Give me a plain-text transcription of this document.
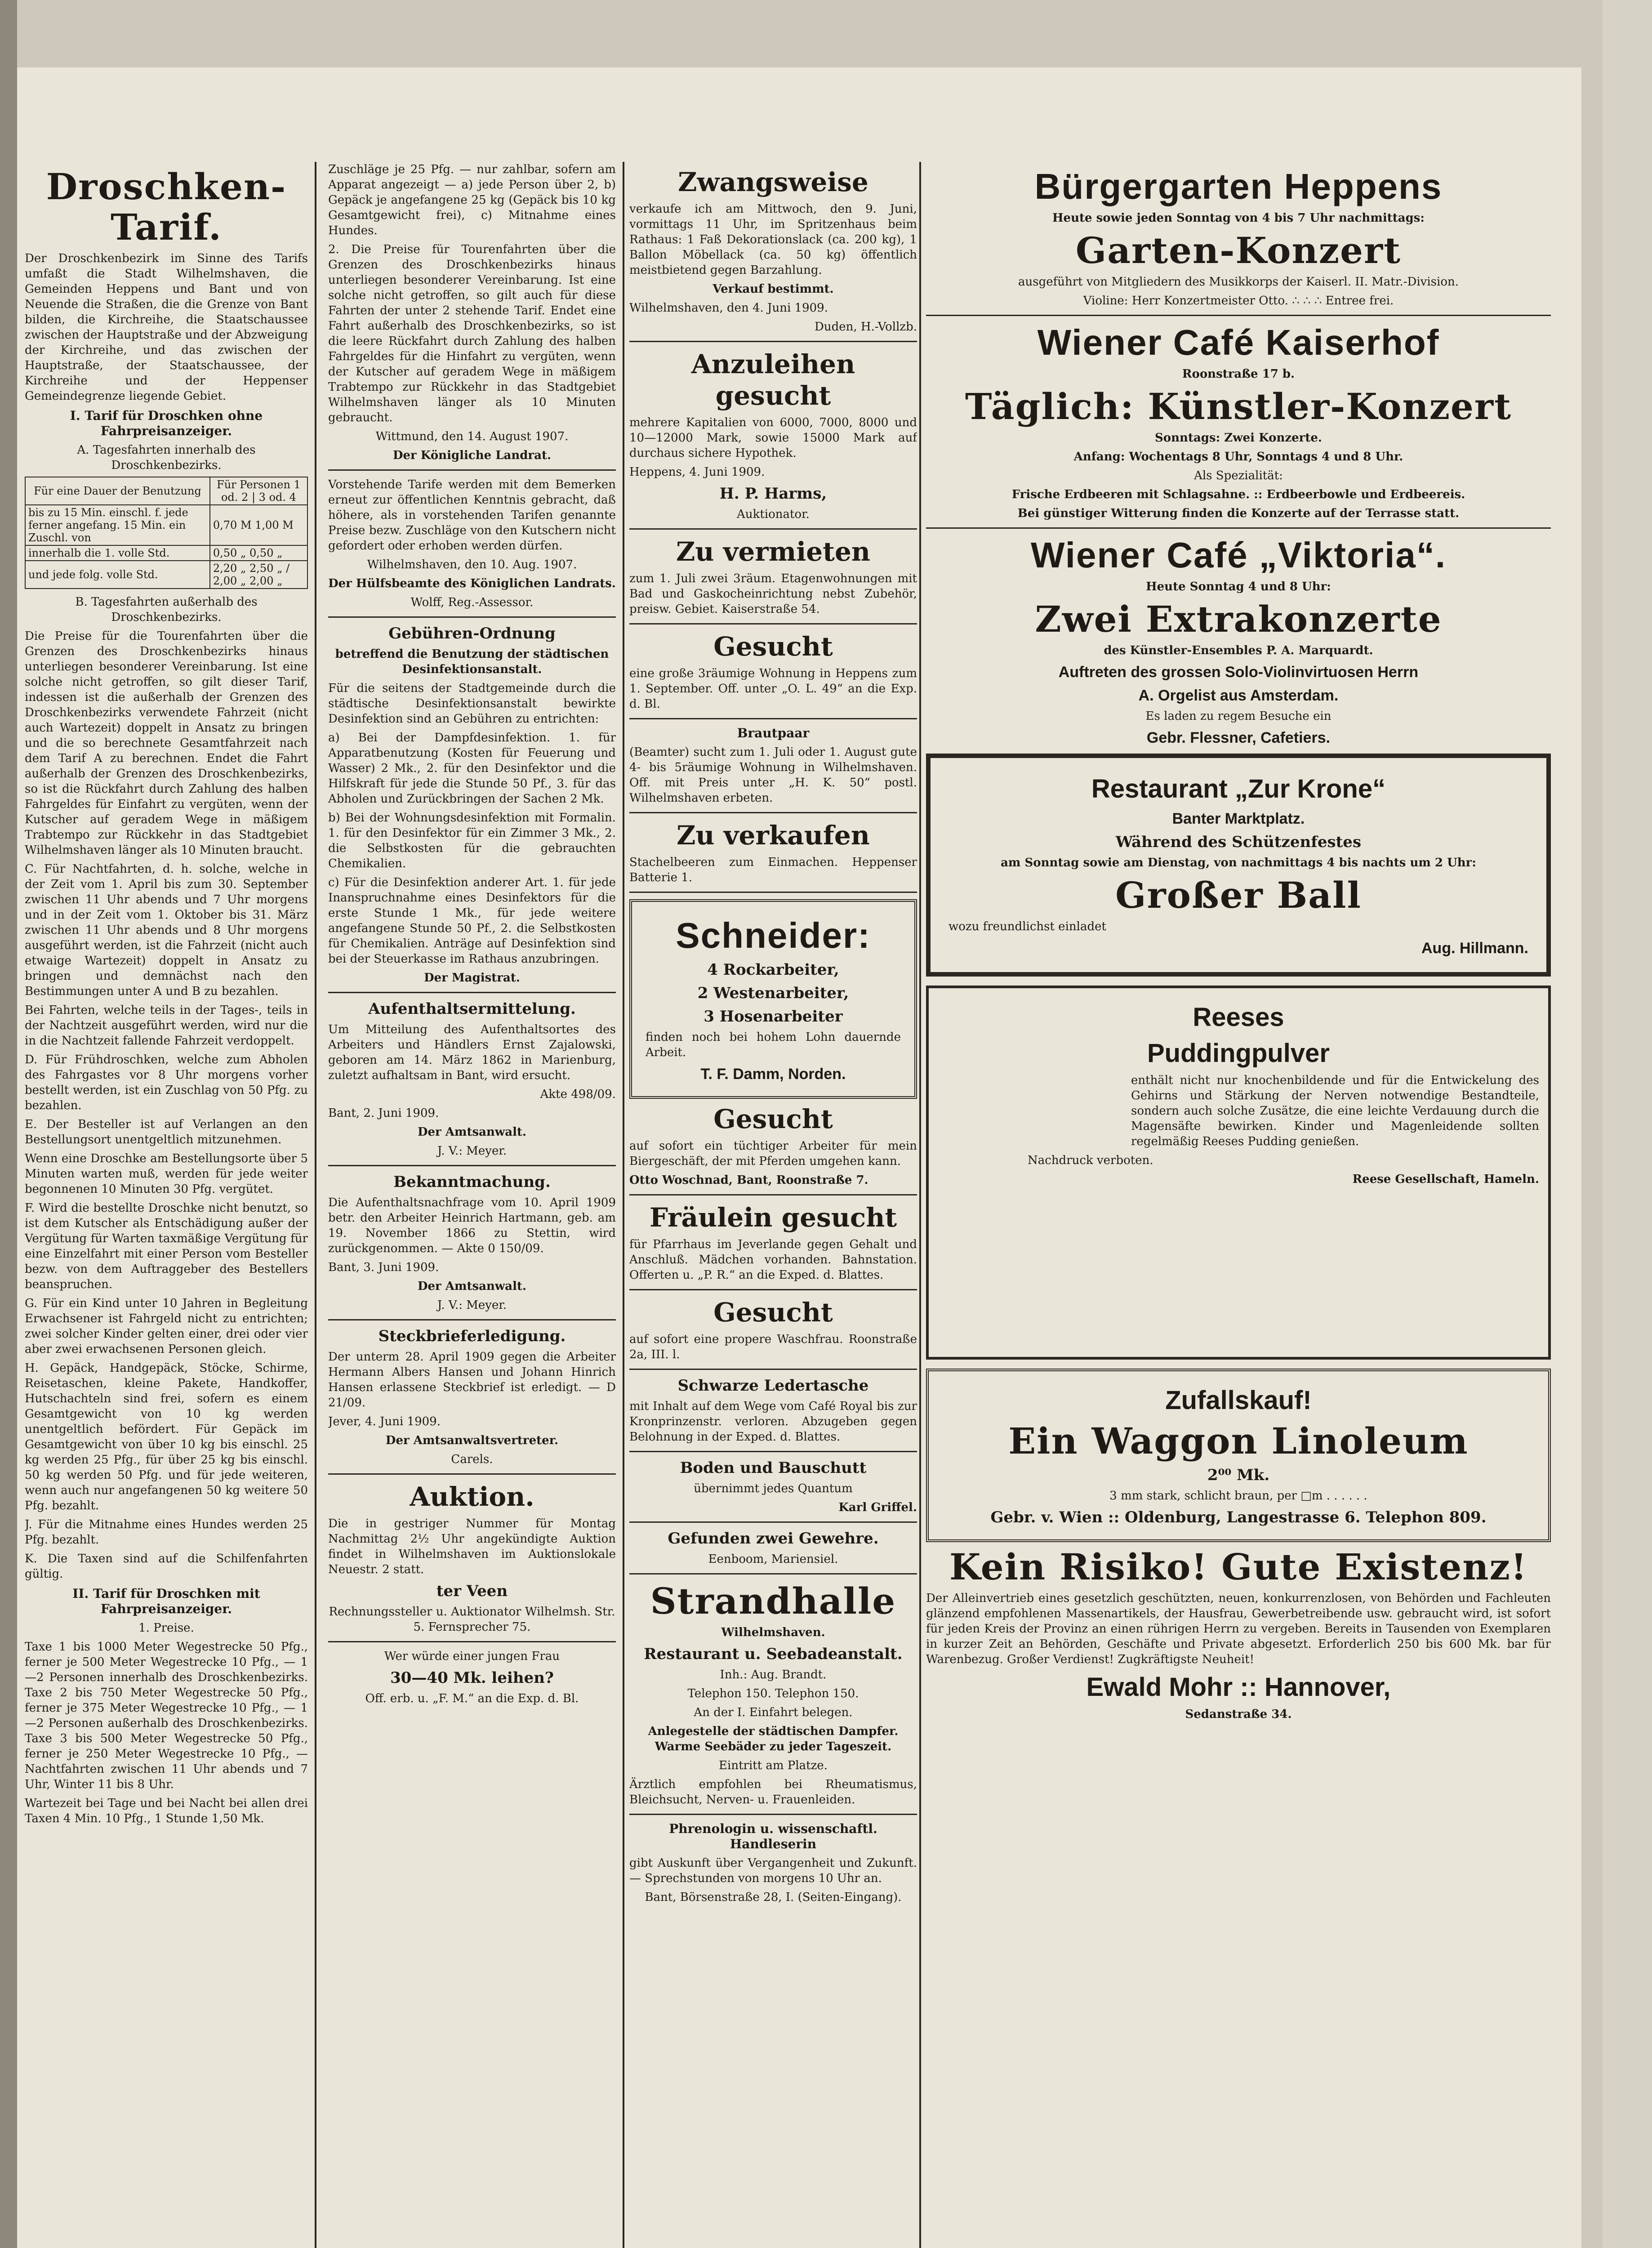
Droschken-Tarif.

Der Droschkenbezirk im Sinne des Tarifs umfaßt die Stadt Wilhelmshaven, die Gemeinden Heppens und Bant und von Neuende die Straßen, die die Grenze von Bant bilden, die Kirchreihe, die Staatschaussee zwischen der Hauptstraße und der Abzweigung der Kirchreihe, und das zwischen der Hauptstraße, der Staatschaussee, der Kirchreihe und der Heppenser Gemeindegrenze liegende Gebiet.

I. Tarif für Droschken ohne Fahrpreisanzeiger.

A. Tagesfahrten innerhalb des Droschkenbezirks.

Für eine Dauer der Benutzung	Für Personen 1 od. 2 | 3 od. 4
bis zu 15 Min. einschl. f. jede ferner angefang. 15 Min. ein Zuschl. von	0,70 M 1,00 M
innerhalb die 1. volle Std.	0,50 „ 0,50 „
und jede folg. volle Std.	2,20 „ 2,50 „ / 2,00 „ 2,00 „

B. Tagesfahrten außerhalb des Droschkenbezirks.

Die Preise für die Tourenfahrten über die Grenzen des Droschkenbezirks hinaus unterliegen besonderer Vereinbarung. Ist eine solche nicht getroffen, so gilt dieser Tarif, indessen ist die außerhalb der Grenzen des Droschkenbezirks verwendete Fahrzeit (nicht auch Wartezeit) doppelt in Ansatz zu bringen und die so berechnete Gesamtfahrzeit nach dem Tarif A zu berechnen. Endet die Fahrt außerhalb der Grenzen des Droschkenbezirks, so ist die Rückfahrt durch Zahlung des halben Fahrgeldes für Einfahrt zu vergüten, wenn der Kutscher auf geradem Wege in mäßigem Trabtempo zur Rückkehr in das Stadtgebiet Wilhelmshaven länger als 10 Minuten braucht.

C. Für Nachtfahrten, d. h. solche, welche in der Zeit vom 1. April bis zum 30. September zwischen 11 Uhr abends und 7 Uhr morgens und in der Zeit vom 1. Oktober bis 31. März zwischen 11 Uhr abends und 8 Uhr morgens ausgeführt werden, ist die Fahrzeit (nicht auch etwaige Wartezeit) doppelt in Ansatz zu bringen und demnächst nach den Bestimmungen unter A und B zu bezahlen.

Bei Fahrten, welche teils in der Tages-, teils in der Nachtzeit ausgeführt werden, wird nur die in die Nachtzeit fallende Fahrzeit verdoppelt.

D. Für Frühdroschken, welche zum Abholen des Fahrgastes vor 8 Uhr morgens vorher bestellt werden, ist ein Zuschlag von 50 Pfg. zu bezahlen.

E. Der Besteller ist auf Verlangen an den Bestellungsort unentgeltlich mitzunehmen.

Wenn eine Droschke am Bestellungsorte über 5 Minuten warten muß, werden für jede weiter begonnenen 10 Minuten 30 Pfg. vergütet.

F. Wird die bestellte Droschke nicht benutzt, so ist dem Kutscher als Entschädigung außer der Vergütung für Warten taxmäßige Vergütung für eine Einzelfahrt mit einer Person vom Besteller bezw. von dem Auftraggeber des Bestellers beanspruchen.

G. Für ein Kind unter 10 Jahren in Begleitung Erwachsener ist Fahrgeld nicht zu entrichten; zwei solcher Kinder gelten einer, drei oder vier aber zwei erwachsenen Personen gleich.

H. Gepäck, Handgepäck, Stöcke, Schirme, Reisetaschen, kleine Pakete, Handkoffer, Hutschachteln sind frei, sofern es einem Gesamtgewicht von 10 kg werden unentgeltlich befördert. Für Gepäck im Gesamtgewicht von über 10 kg bis einschl. 25 kg werden 25 Pfg., für über 25 kg bis einschl. 50 kg werden 50 Pfg. und für jede weiteren, wenn auch nur angefangenen 50 kg weitere 50 Pfg. bezahlt.

J. Für die Mitnahme eines Hundes werden 25 Pfg. bezahlt.

K. Die Taxen sind auf die Schilfenfahrten gültig.

II. Tarif für Droschken mit Fahrpreisanzeiger.

1. Preise.

Taxe 1 bis 1000 Meter Wegestrecke 50 Pfg., ferner je 500 Meter Wegestrecke 10 Pfg., — 1—2 Personen innerhalb des Droschkenbezirks. Taxe 2 bis 750 Meter Wegestrecke 50 Pfg., ferner je 375 Meter Wegestrecke 10 Pfg., — 1—2 Personen außerhalb des Droschkenbezirks. Taxe 3 bis 500 Meter Wegestrecke 50 Pfg., ferner je 250 Meter Wegestrecke 10 Pfg., — Nachtfahrten zwischen 11 Uhr abends und 7 Uhr, Winter 11 bis 8 Uhr.

Wartezeit bei Tage und bei Nacht bei allen drei Taxen 4 Min. 10 Pfg., 1 Stunde 1,50 Mk.

Zuschläge je 25 Pfg. — nur zahlbar, sofern am Apparat angezeigt — a) jede Person über 2, b) Gepäck je angefangene 25 kg (Gepäck bis 10 kg Gesamtgewicht frei), c) Mitnahme eines Hundes.

2. Die Preise für Tourenfahrten über die Grenzen des Droschkenbezirks hinaus unterliegen besonderer Vereinbarung. Ist eine solche nicht getroffen, so gilt auch für diese Fahrten der unter 2 stehende Tarif. Endet eine Fahrt außerhalb des Droschkenbezirks, so ist die leere Rückfahrt durch Zahlung des halben Fahrgeldes für die Hinfahrt zu vergüten, wenn der Kutscher auf geradem Wege in mäßigem Trabtempo zur Rückkehr in das Stadtgebiet Wilhelmshaven länger als 10 Minuten gebraucht.

Wittmund, den 14. August 1907.

Der Königliche Landrat.

Vorstehende Tarife werden mit dem Bemerken erneut zur öffentlichen Kenntnis gebracht, daß höhere, als in vorstehenden Tarifen genannte Preise bezw. Zuschläge von den Kutschern nicht gefordert oder erhoben werden dürfen.

Wilhelmshaven, den 10. Aug. 1907.

Der Hülfsbeamte des Königlichen Landrats.

Wolff, Reg.-Assessor.

Gebühren-Ordnung

betreffend die Benutzung der städtischen Desinfektionsanstalt.

Für die seitens der Stadtgemeinde durch die städtische Desinfektionsanstalt bewirkte Desinfektion sind an Gebühren zu entrichten:

a) Bei der Dampfdesinfektion. 1. für Apparatbenutzung (Kosten für Feuerung und Wasser) 2 Mk., 2. für den Desinfektor und die Hilfskraft für jede die Stunde 50 Pf., 3. für das Abholen und Zurückbringen der Sachen 2 Mk.

b) Bei der Wohnungsdesinfektion mit Formalin. 1. für den Desinfektor für ein Zimmer 3 Mk., 2. die Selbstkosten für die gebrauchten Chemikalien.

c) Für die Desinfektion anderer Art. 1. für jede Inanspruchnahme eines Desinfektors für die erste Stunde 1 Mk., für jede weitere angefangene Stunde 50 Pf., 2. die Selbstkosten für Chemikalien. Anträge auf Desinfektion sind bei der Steuerkasse im Rathaus anzubringen.

Der Magistrat.

Aufenthaltsermittelung.

Um Mitteilung des Aufenthaltsortes des Arbeiters und Händlers Ernst Zajalowski, geboren am 14. März 1862 in Marienburg, zuletzt aufhaltsam in Bant, wird ersucht.

Akte 498/09.

Bant, 2. Juni 1909.

Der Amtsanwalt.

J. V.: Meyer.

Bekanntmachung.

Die Aufenthaltsnachfrage vom 10. April 1909 betr. den Arbeiter Heinrich Hartmann, geb. am 19. November 1866 zu Stettin, wird zurückgenommen. — Akte 0 150/09.

Bant, 3. Juni 1909.

Der Amtsanwalt.

J. V.: Meyer.

Steckbrieferledigung.

Der unterm 28. April 1909 gegen die Arbeiter Hermann Albers Hansen und Johann Hinrich Hansen erlassene Steckbrief ist erledigt. — D 21/09.

Jever, 4. Juni 1909.

Der Amtsanwaltsvertreter.

Carels.

Auktion.

Die in gestriger Nummer für Montag Nachmittag 2½ Uhr angekündigte Auktion findet in Wilhelmshaven im Auktionslokale Neuestr. 2 statt.

ter Veen

Rechnungssteller u. Auktionator Wilhelmsh. Str. 5. Fernsprecher 75.

Wer würde einer jungen Frau

30—40 Mk. leihen?

Off. erb. u. „F. M.“ an die Exp. d. Bl.

Zwangsweise

verkaufe ich am Mittwoch, den 9. Juni, vormittags 11 Uhr, im Spritzenhaus beim Rathaus: 1 Faß Dekorationslack (ca. 200 kg), 1 Ballon Möbellack (ca. 50 kg) öffentlich meistbietend gegen Barzahlung.

Verkauf bestimmt.

Wilhelmshaven, den 4. Juni 1909.

Duden, H.-Vollzb.

Anzuleihen gesucht

mehrere Kapitalien von 6000, 7000, 8000 und 10—12000 Mark, sowie 15000 Mark auf durchaus sichere Hypothek.

Heppens, 4. Juni 1909.

H. P. Harms,

Auktionator.

Zu vermieten

zum 1. Juli zwei 3räum. Etagenwohnungen mit Bad und Gaskocheinrichtung nebst Zubehör, preisw. Gebiet. Kaiserstraße 54.

Gesucht

eine große 3räumige Wohnung in Heppens zum 1. September. Off. unter „O. L. 49“ an die Exp. d. Bl.

Brautpaar

(Beamter) sucht zum 1. Juli oder 1. August gute 4- bis 5räumige Wohnung in Wilhelmshaven. Off. mit Preis unter „H. K. 50“ postl. Wilhelmshaven erbeten.

Zu verkaufen

Stachelbeeren zum Einmachen. Heppenser Batterie 1.

Schneider:
4 Rockarbeiter,
2 Westenarbeiter,
3 Hosenarbeiter

finden noch bei hohem Lohn dauernde Arbeit.

T. F. Damm, Norden.
Gesucht

auf sofort ein tüchtiger Arbeiter für mein Biergeschäft, der mit Pferden umgehen kann.

Otto Woschnad, Bant, Roonstraße 7.

Fräulein gesucht

für Pfarrhaus im Jeverlande gegen Gehalt und Anschluß. Mädchen vorhanden. Bahnstation. Offerten u. „P. R.“ an die Exped. d. Blattes.

Gesucht

auf sofort eine propere Waschfrau. Roonstraße 2a, III. l.

Schwarze Ledertasche

mit Inhalt auf dem Wege vom Café Royal bis zur Kronprinzenstr. verloren. Abzugeben gegen Belohnung in der Exped. d. Blattes.

Boden und Bauschutt

übernimmt jedes Quantum

Karl Griffel.

Gefunden zwei Gewehre.

Eenboom, Mariensiel.

Strandhalle

Wilhelmshaven.

Restaurant u. Seebadeanstalt.

Inh.: Aug. Brandt.

Telephon 150. Telephon 150.

An der I. Einfahrt belegen.

Anlegestelle der städtischen Dampfer. Warme Seebäder zu jeder Tageszeit.

Eintritt am Platze.

Ärztlich empfohlen bei Rheumatismus, Bleichsucht, Nerven- u. Frauenleiden.

Phrenologin u. wissenschaftl. Handleserin

gibt Auskunft über Vergangenheit und Zukunft. — Sprechstunden von morgens 10 Uhr an.

Bant, Börsenstraße 28, I. (Seiten-Eingang).

Bürgergarten Heppens

Heute sowie jeden Sonntag von 4 bis 7 Uhr nachmittags:

Garten-Konzert

ausgeführt von Mitgliedern des Musikkorps der Kaiserl. II. Matr.-Division.

Violine: Herr Konzertmeister Otto. ∴ ∴ ∴ Entree frei.

Wiener Café Kaiserhof

Roonstraße 17 b.

Täglich: Künstler-Konzert

Sonntags: Zwei Konzerte.

Anfang: Wochentags 8 Uhr, Sonntags 4 und 8 Uhr.

Als Spezialität:

Frische Erdbeeren mit Schlagsahne. :: Erdbeerbowle und Erdbeereis.

Bei günstiger Witterung finden die Konzerte auf der Terrasse statt.

Wiener Café „Viktoria“.

Heute Sonntag 4 und 8 Uhr:

Zwei Extrakonzerte

des Künstler-Ensembles P. A. Marquardt.

Auftreten des grossen Solo-Violinvirtuosen Herrn
A. Orgelist aus Amsterdam.

Es laden zu regem Besuche ein

Gebr. Flessner, Cafetiers.
Restaurant „Zur Krone“
Banter Marktplatz.
Während des Schützenfestes

am Sonntag sowie am Dienstag, von nachmittags 4 bis nachts um 2 Uhr:

Großer Ball

wozu freundlichst einladet

Aug. Hillmann.
Reeses
Puddingpulver

enthält nicht nur knochenbildende und für die Entwickelung des Gehirns und Stärkung der Nerven notwendige Bestandteile, sondern auch solche Zusätze, die eine leichte Verdauung durch die Magensäfte bewirken. Kinder und Magenleidende sollten regelmäßig Reeses Pudding genießen.

Nachdruck verboten.

Reese Gesellschaft, Hameln.

Zufallskauf!
Ein Waggon Linoleum
2⁰⁰ Mk.

3 mm stark, schlicht braun, per □m . . . . . .

Gebr. v. Wien :: Oldenburg, Langestrasse 6. Telephon 809.
Kein Risiko! Gute Existenz!

Der Alleinvertrieb eines gesetzlich geschützten, neuen, konkurrenzlosen, von Behörden und Fachleuten glänzend empfohlenen Massenartikels, der Hausfrau, Gewerbetreibende usw. gebraucht wird, ist sofort für jeden Kreis der Provinz an einen rührigen Herrn zu vergeben. Bereits in Tausenden von Exemplaren in kurzer Zeit an Behörden, Geschäfte und Private abgesetzt. Erforderlich 250 bis 600 Mk. bar für Warenbezug. Großer Verdienst! Zugkräftigste Neuheit!

Ewald Mohr :: Hannover,

Sedanstraße 34.
